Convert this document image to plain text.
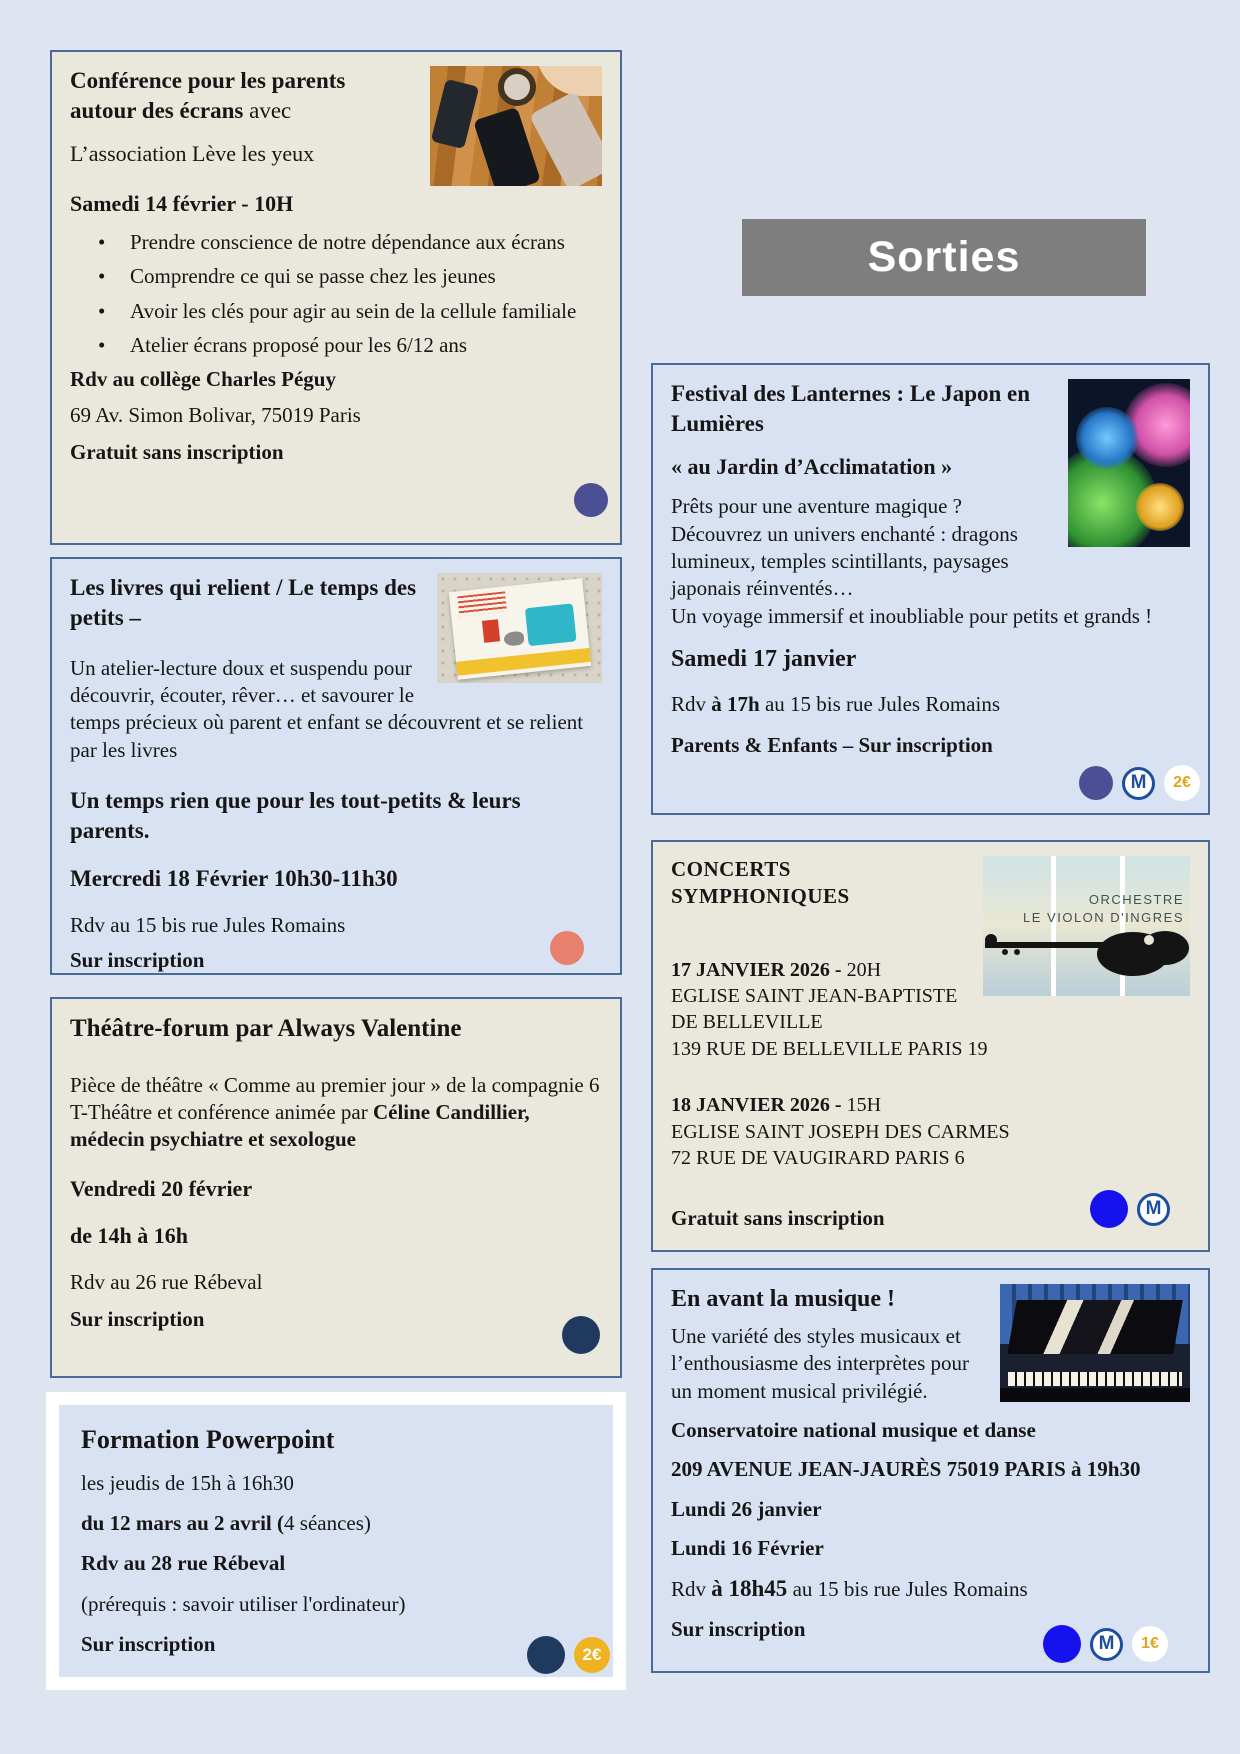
Conférence pour les parents autour des écrans avec
L’association Lève les yeux
Samedi 14 février - 10H
• Prendre conscience de notre dépendance aux écrans
• Comprendre ce qui se passe chez les jeunes
• Avoir les clés pour agir au sein de la cellule familiale
• Atelier écrans proposé pour les 6/12 ans
Rdv au collège Charles Péguy
69 Av. Simon Bolivar, 75019 Paris
Gratuit sans inscription
Les livres qui relient / Le temps des petits –
Un atelier-lecture doux et suspendu pour découvrir, écouter, rêver… et savourer le temps précieux où parent et enfant se découvrent et se relient par les livres
Un temps rien que pour les tout-petits & leurs parents.
Mercredi 18 Février 10h30-11h30
Rdv au 15 bis rue Jules Romains
Sur inscription
Théâtre-forum par Always Valentine
Pièce de théâtre « Comme au premier jour » de la compagnie 6 T-Théâtre et conférence animée par Céline Candillier, médecin psychiatre et sexologue
Vendredi 20 février
de 14h à 16h
Rdv au 26 rue Rébeval
Sur inscription
Formation Powerpoint
les jeudis de 15h à 16h30
du 12 mars au 2 avril (4 séances)
Rdv au 28 rue Rébeval
(prérequis : savoir utiliser l'ordinateur)
Sur inscription	2€
Sorties
Festival des Lanternes : Le Japon en Lumières
« au Jardin d’Acclimatation »
Prêts pour une aventure magique ?
Découvrez un univers enchanté : dragons lumineux, temples scintillants, paysages japonais réinventés…
Un voyage immersif et inoubliable pour petits et grands !
Samedi 17 janvier
Rdv à 17h au 15 bis rue Jules Romains
Parents & Enfants – Sur inscription
M	2€
ORCHESTRE
LE VIOLON D'INGRES
CONCERTS SYMPHONIQUES
17 JANVIER 2026 - 20H
EGLISE SAINT JEAN-BAPTISTE DE BELLEVILLE
139 RUE DE BELLEVILLE PARIS 19
18 JANVIER 2026 - 15H
EGLISE SAINT JOSEPH DES CARMES
72 RUE DE VAUGIRARD PARIS 6
Gratuit sans inscription	M
En avant la musique !
Une variété des styles musicaux et l’enthousiasme des interprètes pour un moment musical privilégié.
Conservatoire national musique et danse
209 AVENUE JEAN-JAURÈS 75019 PARIS à 19h30
Lundi 26 janvier
Lundi 16 Février
Rdv à 18h45 au 15 bis rue Jules Romains
Sur inscription
M	1€
